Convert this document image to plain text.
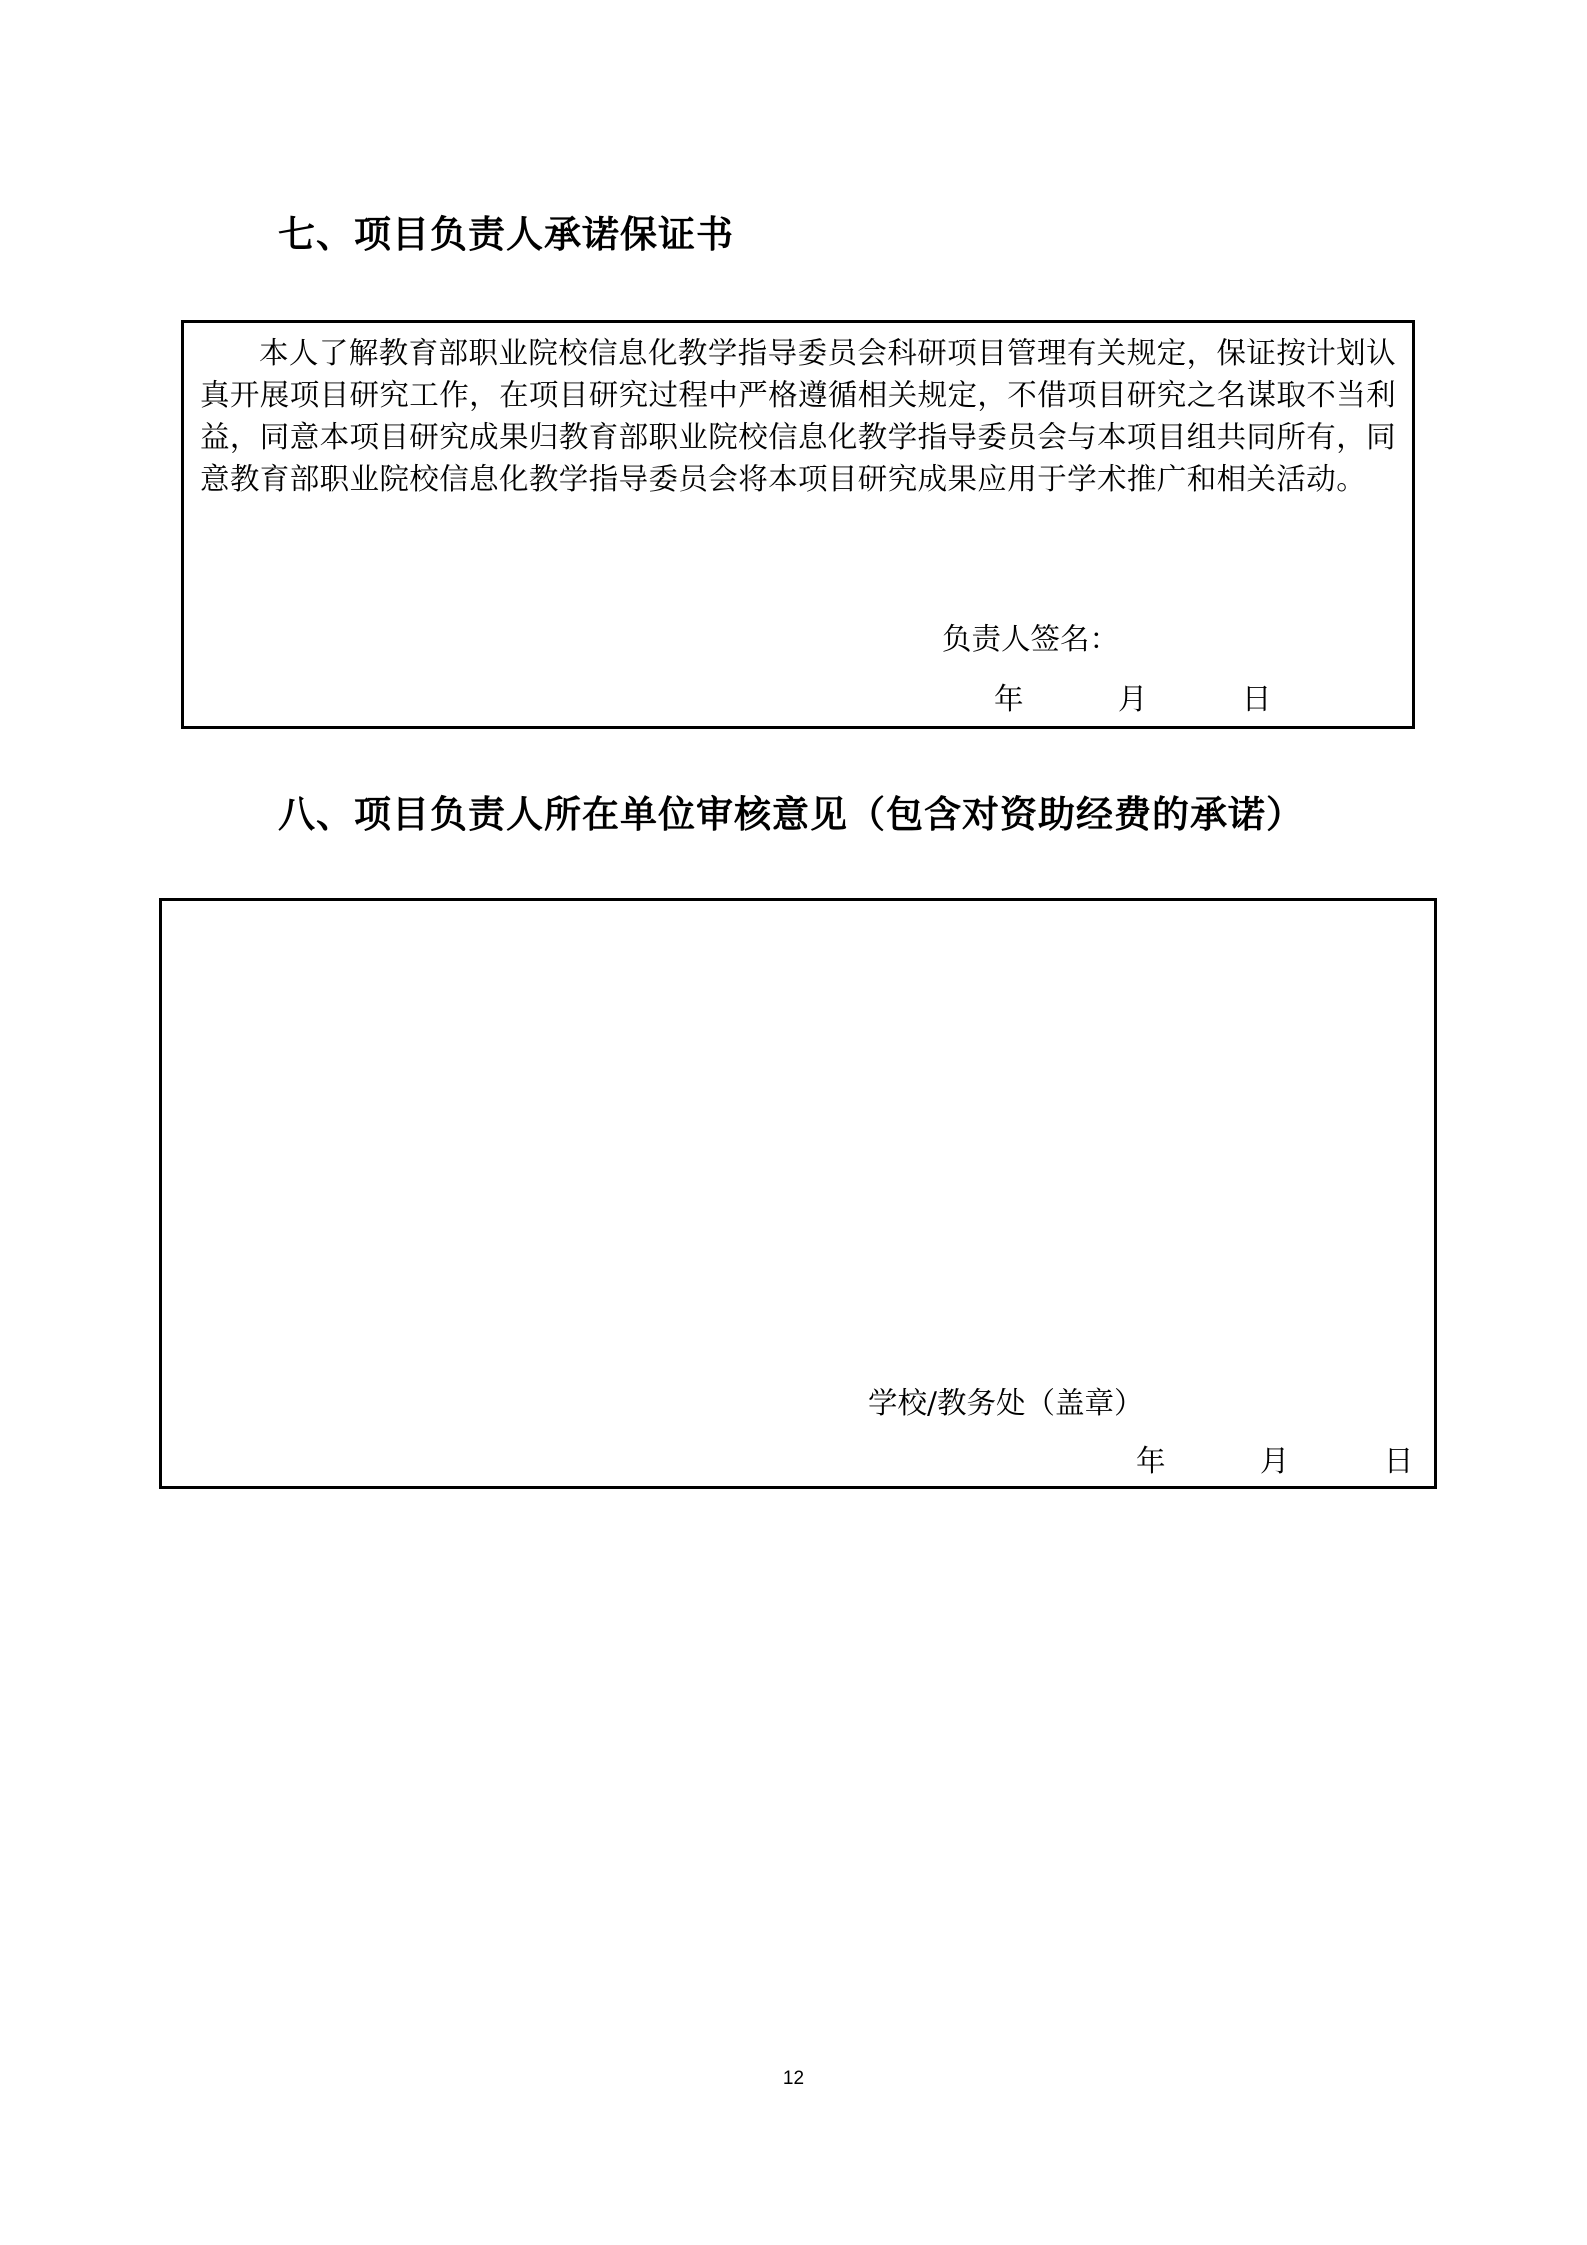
七、项目负责人承诺保证书

本人了解教育部职业院校信息化教学指导委员会科研项目管理有关规定，保证按计划认真开展项目研究工作，在项目研究过程中严格遵循相关规定，不借项目研究之名谋取不当利益，同意本项目研究成果归教育部职业院校信息化教学指导委员会与本项目组共同所有，同意教育部职业院校信息化教学指导委员会将本项目研究成果应用于学术推广和相关活动。

负责人签名：
年	月	日
八、项目负责人所在单位审核意见（包含对资助经费的承诺）
学校/教务处（盖章）
年	月	日
12
